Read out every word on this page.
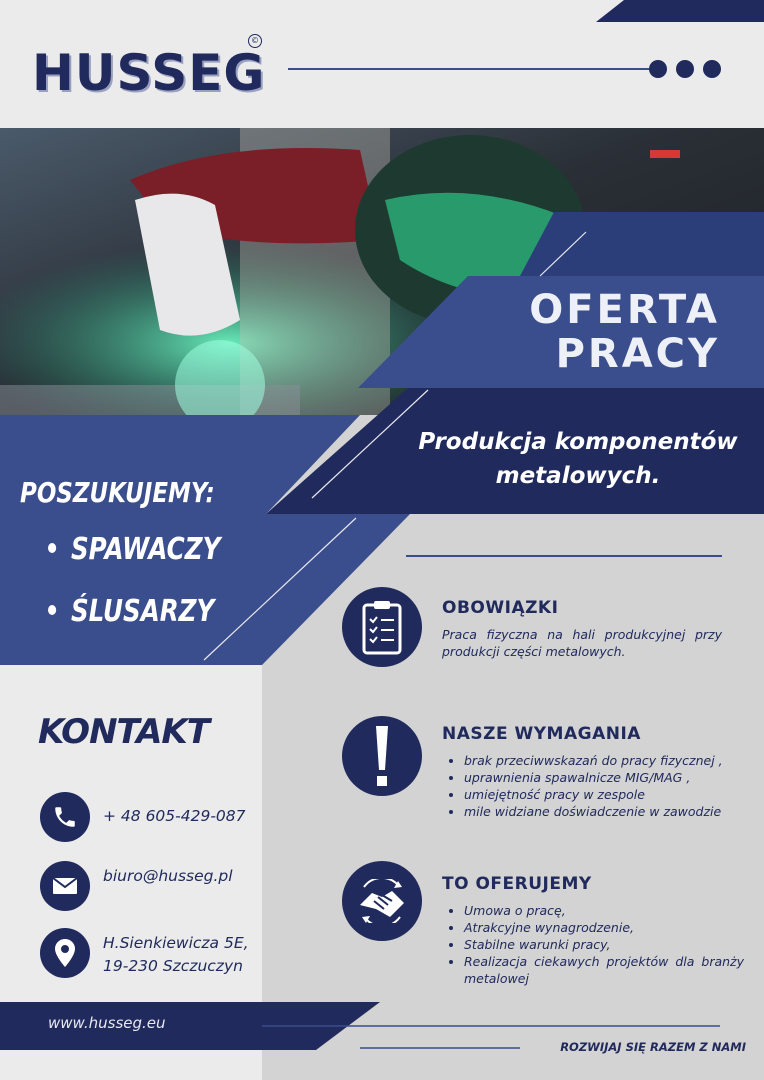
HUSSEG
©
OFERTA
PRACY
Produkcja komponentów metalowych.
POSZUKUJEMY:
SPAWACZY
ŚLUSARZY
KONTAKT
+ 48 605-429-087
biuro@husseg.pl
H.Sienkiewicza 5E,
19-230 Szczuczyn
OBOWIĄZKI
Praca fizyczna na hali produkcyjnej przy produkcji części metalowych.
NASZE WYMAGANIA
• brak przeciwwskazań do pracy fizycznej ,
• uprawnienia spawalnicze MIG/MAG ,
• umiejętność pracy w zespole
• mile widziane doświadczenie w zawodzie
TO OFERUJEMY
• Umowa o pracę,
• Atrakcyjne wynagrodzenie,
• Stabilne warunki pracy,
• Realizacja ciekawych projektów dla branży metalowej
www.husseg.eu
ROZWIJAJ SIĘ RAZEM Z NAMI
